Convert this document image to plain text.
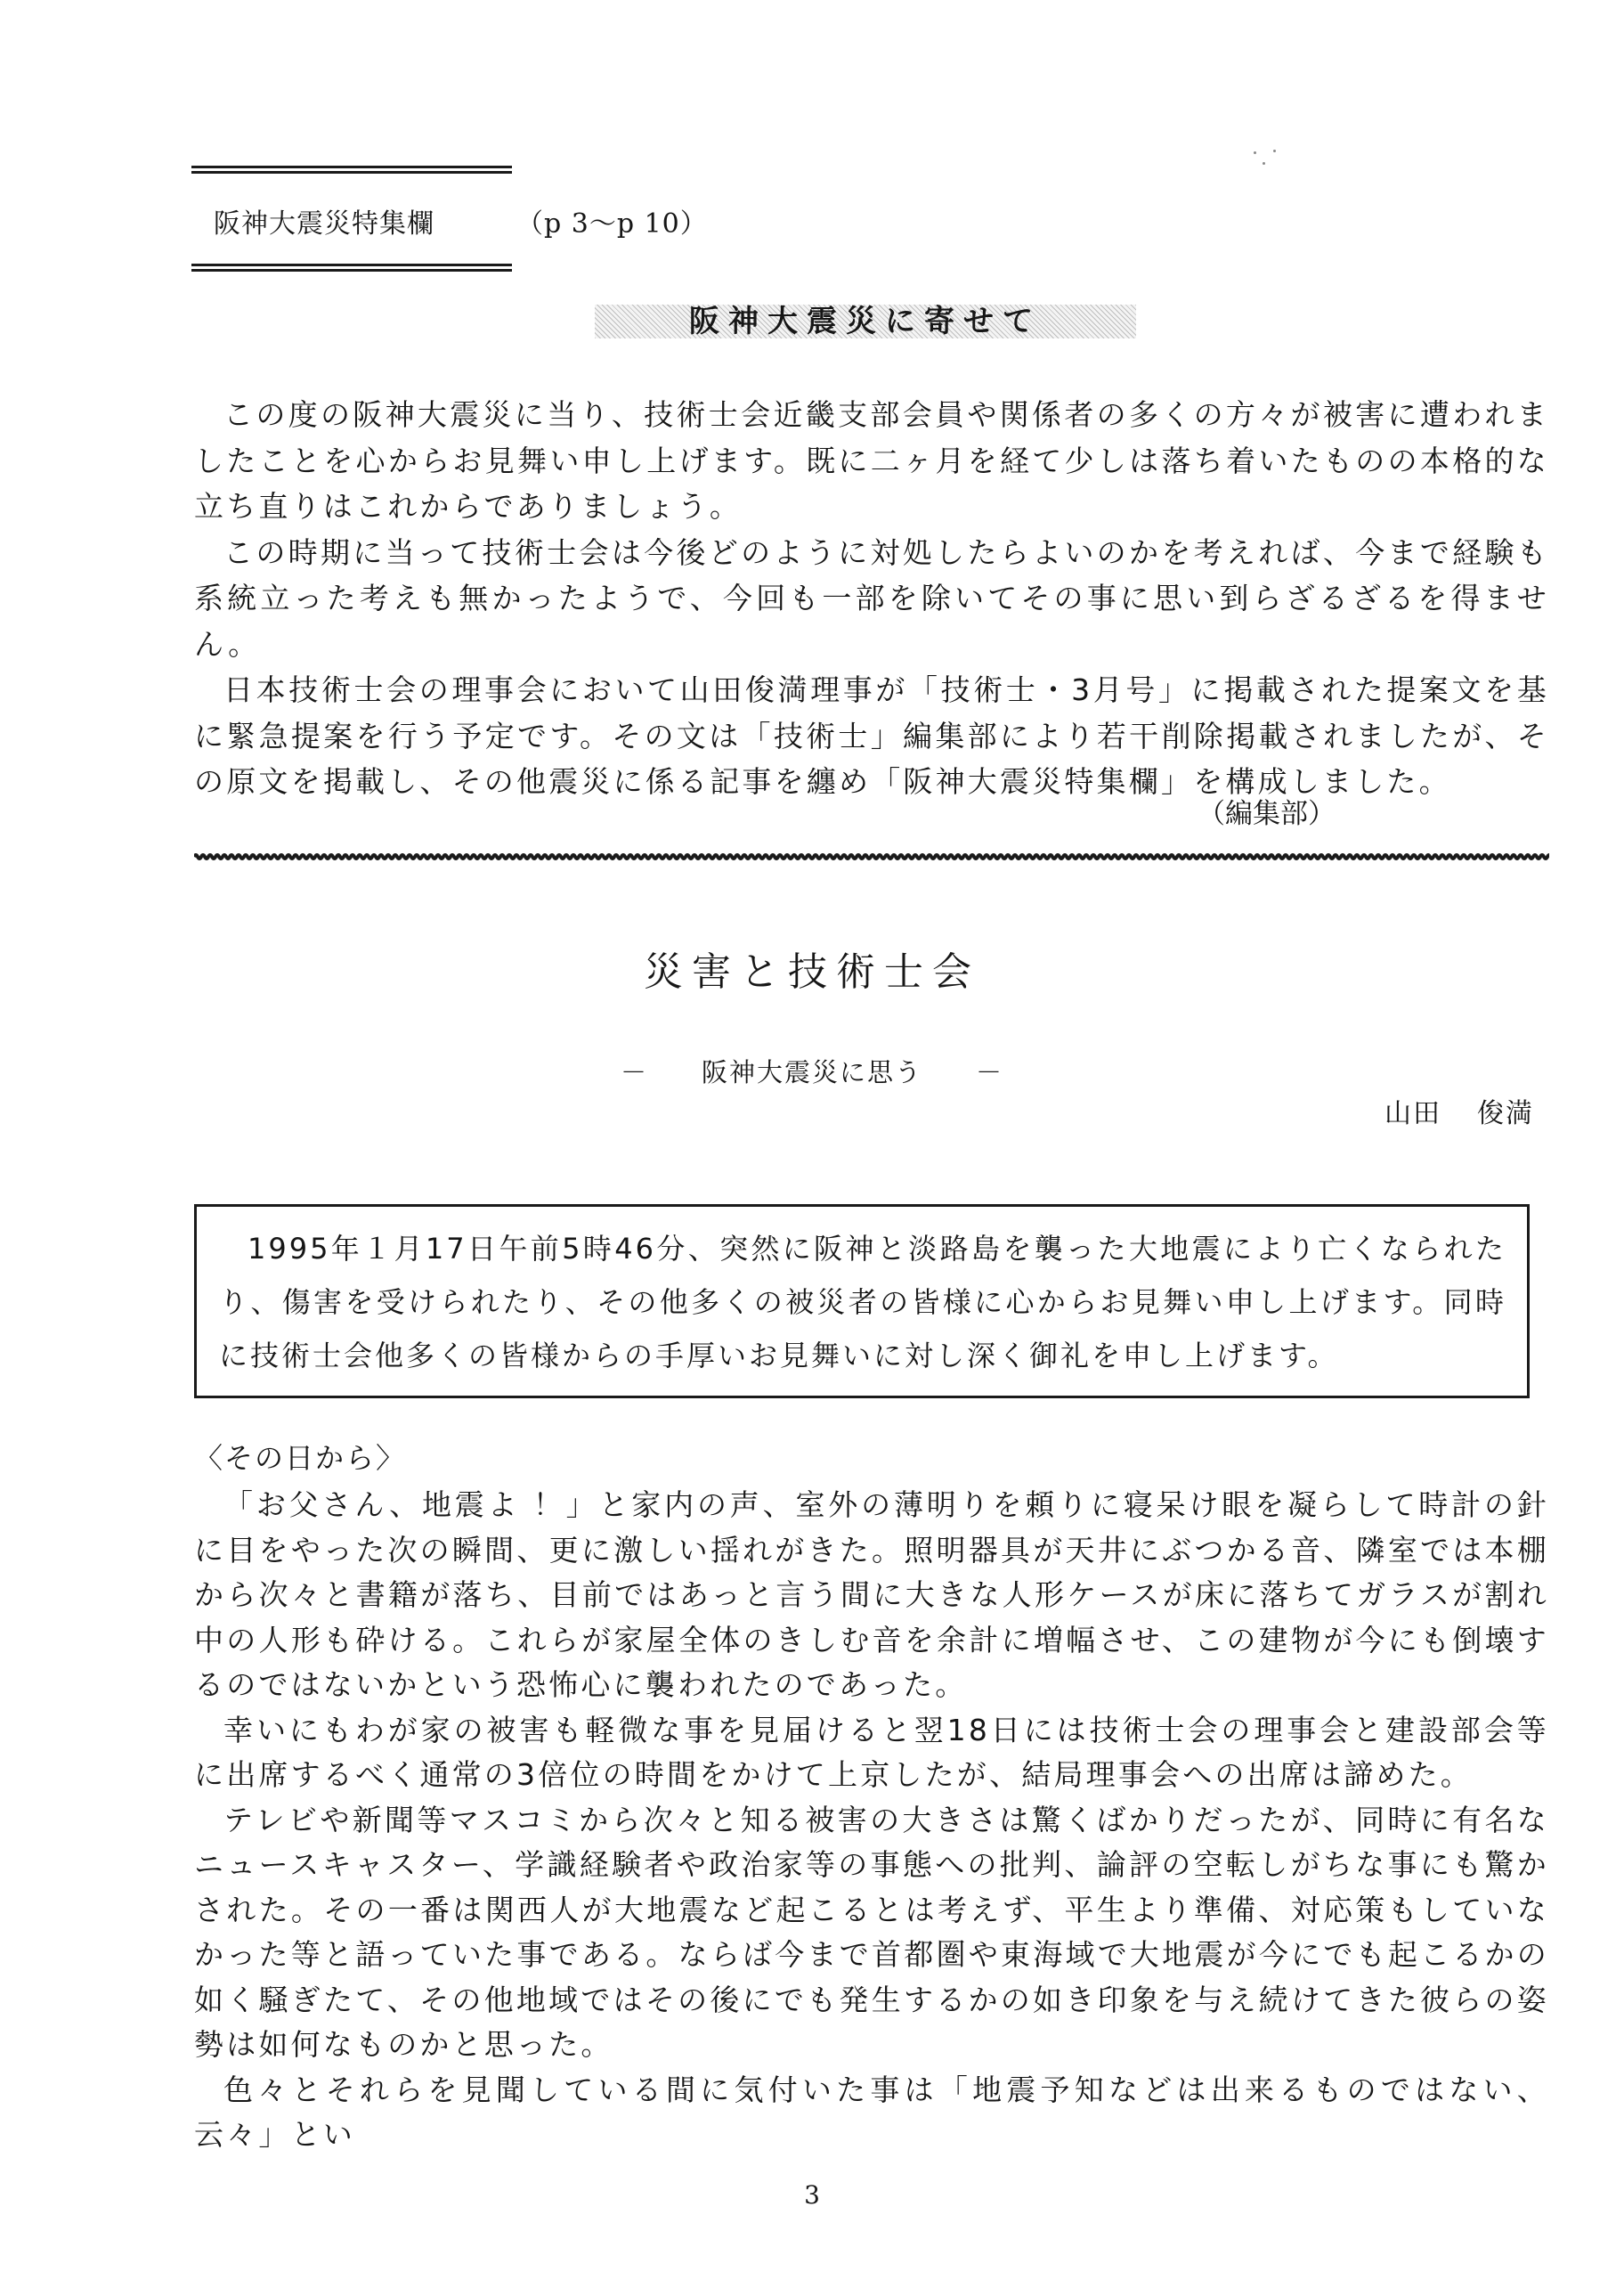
阪神大震災特集欄	（p 3～p 10）
阪神大震災に寄せて

この度の阪神大震災に当り、技術士会近畿支部会員や関係者の多くの方々が被害に遭われましたことを心からお見舞い申し上げます。既に二ヶ月を経て少しは落ち着いたものの本格的な立ち直りはこれからでありましょう。

この時期に当って技術士会は今後どのように対処したらよいのかを考えれば、今まで経験も系統立った考えも無かったようで、今回も一部を除いてその事に思い到らざるざるを得ません。

日本技術士会の理事会において山田俊満理事が「技術士・3月号」に掲載された提案文を基に緊急提案を行う予定です。その文は「技術士」編集部により若干削除掲載されましたが、その原文を掲載し、その他震災に係る記事を纏め「阪神大震災特集欄」を構成しました。

（編集部）
災害と技術士会
－ 阪神大震災に思う －
山田 俊満

1995年１月17日午前5時46分、突然に阪神と淡路島を襲った大地震により亡くなられたり、傷害を受けられたり、その他多くの被災者の皆様に心からお見舞い申し上げます。同時に技術士会他多くの皆様からの手厚いお見舞いに対し深く御礼を申し上げます。

〈その日から〉

「お父さん、地震よ ！」と家内の声、室外の薄明りを頼りに寝呆け眼を凝らして時計の針に目をやった次の瞬間、更に激しい揺れがきた。照明器具が天井にぶつかる音、隣室では本棚から次々と書籍が落ち、目前ではあっと言う間に大きな人形ケースが床に落ちてガラスが割れ中の人形も砕ける。これらが家屋全体のきしむ音を余計に増幅させ、この建物が今にも倒壊するのではないかという恐怖心に襲われたのであった。

幸いにもわが家の被害も軽微な事を見届けると翌18日には技術士会の理事会と建設部会等に出席するべく通常の3倍位の時間をかけて上京したが、結局理事会への出席は諦めた。

テレビや新聞等マスコミから次々と知る被害の大きさは驚くばかりだったが、同時に有名なニュースキャスター、学識経験者や政治家等の事態への批判、論評の空転しがちな事にも驚かされた。その一番は関西人が大地震など起こるとは考えず、平生より準備、対応策もしていなかった等と語っていた事である。ならば今まで首都圏や東海域で大地震が今にでも起こるかの如く騒ぎたて、その他地域ではその後にでも発生するかの如き印象を与え続けてきた彼らの姿勢は如何なものかと思った。

色々とそれらを見聞している間に気付いた事は「地震予知などは出来るものではない、云々」とい

3
